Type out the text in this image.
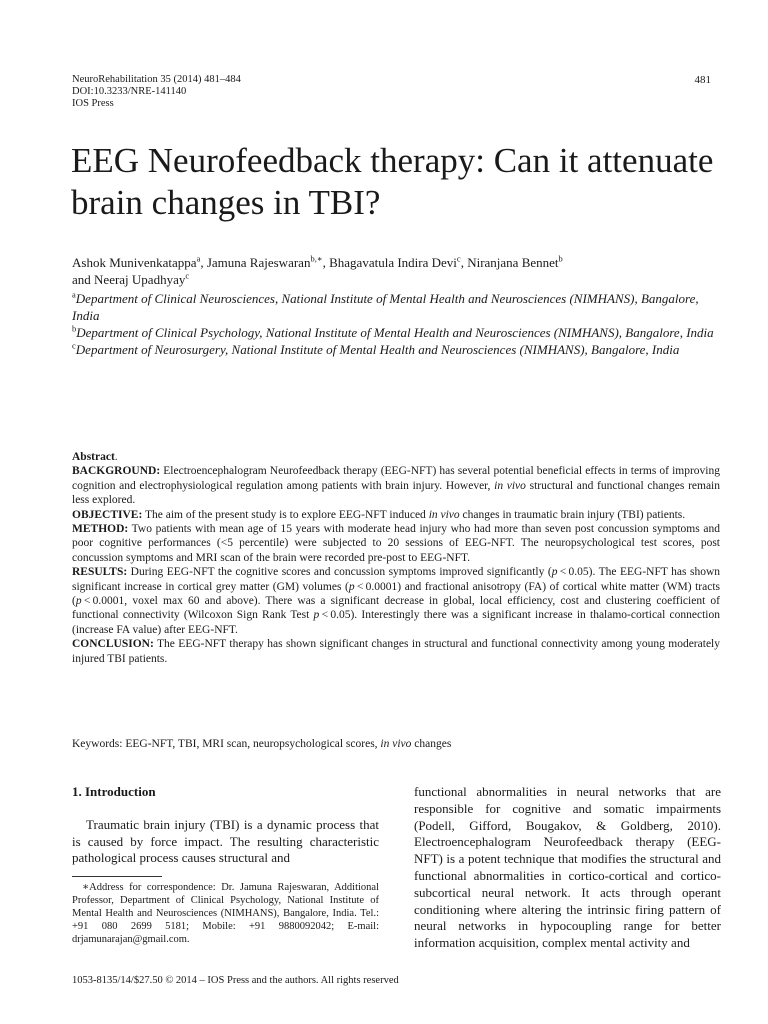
NeuroRehabilitation 35 (2014) 481–484
DOI:10.3233/NRE-141140
IOS Press
481
EEG Neurofeedback therapy: Can it attenuate
brain changes in TBI?
Ashok Munivenkatappa$^a$, Jamuna Rajeswaran$^{b,∗}$, Bhagavatula Indira Devi$^c$, Niranjana Bennet$^b$
and Neeraj Upadhyay$^c$

$^a$Department of Clinical Neurosciences, National Institute of Mental Health and Neurosciences (NIMHANS), Bangalore, India

$^b$Department of Clinical Psychology, National Institute of Mental Health and Neurosciences (NIMHANS), Bangalore, India

$^c$Department of Neurosurgery, National Institute of Mental Health and Neurosciences (NIMHANS), Bangalore, India

Abstract.

BACKGROUND: Electroencephalogram Neurofeedback therapy (EEG-NFT) has several potential beneficial effects in terms of improving cognition and electrophysiological regulation among patients with brain injury. However, in vivo structural and functional changes remain less explored.

OBJECTIVE: The aim of the present study is to explore EEG-NFT induced in vivo changes in traumatic brain injury (TBI) patients.

METHOD: Two patients with mean age of 15 years with moderate head injury who had more than seven post concussion symptoms and poor cognitive performances (<5 percentile) were subjected to 20 sessions of EEG-NFT. The neuropsychological test scores, post concussion symptoms and MRI scan of the brain were recorded pre-post to EEG-NFT.

RESULTS: During EEG-NFT the cognitive scores and concussion symptoms improved significantly (p < 0.05). The EEG-NFT has shown significant increase in cortical grey matter (GM) volumes (p < 0.0001) and fractional anisotropy (FA) of cortical white matter (WM) tracts (p < 0.0001, voxel max 60 and above). There was a significant decrease in global, local efficiency, cost and clustering coefficient of functional connectivity (Wilcoxon Sign Rank Test p < 0.05). Interestingly there was a significant increase in thalamo-cortical connection (increase FA value) after EEG-NFT.

CONCLUSION: The EEG-NFT therapy has shown significant changes in structural and functional connectivity among young moderately injured TBI patients.

Keywords: EEG-NFT, TBI, MRI scan, neuropsychological scores, in vivo changes
1. Introduction

Traumatic brain injury (TBI) is a dynamic process that is caused by force impact. The resulting characteristic pathological process causes structural and

∗Address for correspondence: Dr. Jamuna Rajeswaran, Additional Professor, Department of Clinical Psychology, National Institute of Mental Health and Neurosciences (NIMHANS), Bangalore, India. Tel.: +91 080 2699 5181; Mobile: +91 9880092042; E-mail: drjamunarajan@gmail.com.

functional abnormalities in neural networks that are responsible for cognitive and somatic impairments (Podell, Gifford, Bougakov, & Goldberg, 2010). Electroencephalogram Neurofeedback therapy (EEG-NFT) is a potent technique that modifies the structural and functional abnormalities in cortico-cortical and cortico-subcortical neural network. It acts through operant conditioning where altering the intrinsic firing pattern of neural networks in hypocoupling range for better information acquisition, complex mental activity and

1053-8135/14/$27.50 © 2014 – IOS Press and the authors. All rights reserved
